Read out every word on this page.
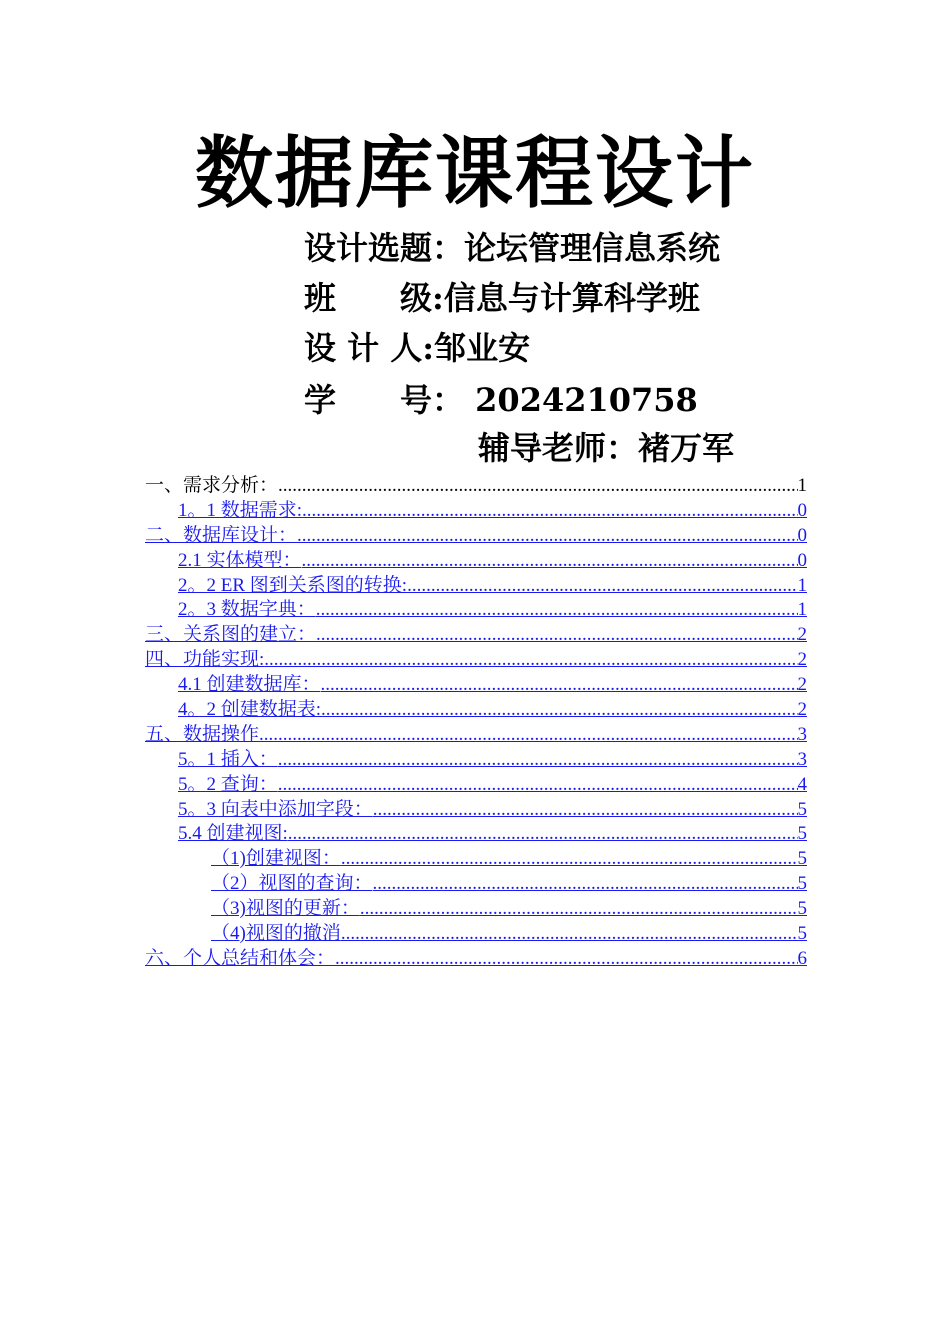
数据库课程设计
设计选题：论坛管理信息系统
班　　级:信息与计算科学班
设 计 人:邹业安
学　　号： 2024210758
辅导老师：褚万军
一、需求分析： .....	1
1。1 数据需求: .....	0
二、数据库设计： .....	0
2.1 实体模型： .....	0
2。2 ER 图到关系图的转换: .....	1
2。3 数据字典： .....	1
三、关系图的建立： .....	2
四、功能实现: .....	2
4.1 创建数据库： .....	2
4。2 创建数据表: .....	2
五、数据操作 .....	3
5。1 插入： .....	3
5。2 查询： .....	4
5。3 向表中添加字段： .....	5
5.4 创建视图: .....	5
（1)创建视图： .....	5
（2）视图的查询： .....	5
（3)视图的更新： .....	5
（4)视图的撤消 .....	5
六、个人总结和体会： .....	6
